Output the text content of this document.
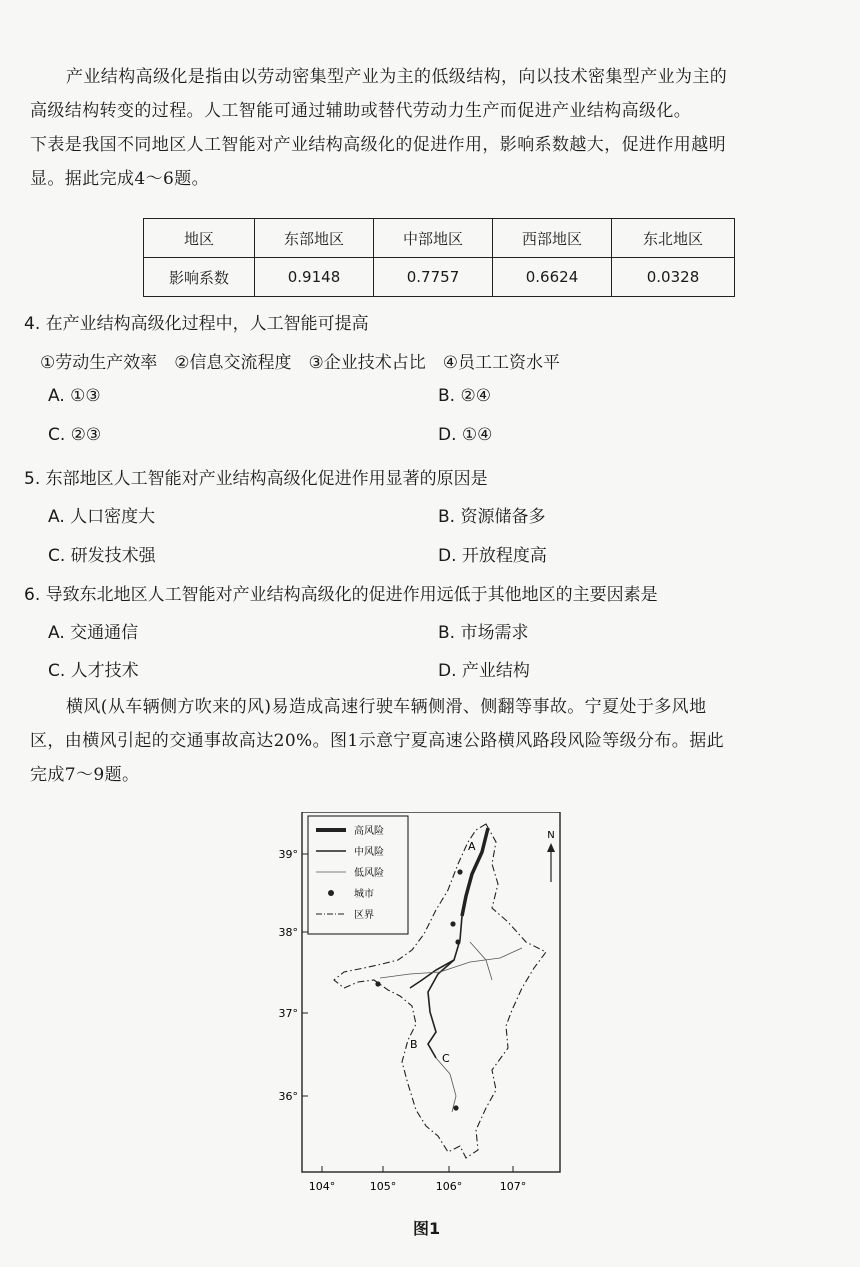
产业结构高级化是指由以劳动密集型产业为主的低级结构，向以技术密集型产业为主的
高级结构转变的过程。人工智能可通过辅助或替代劳动力生产而促进产业结构高级化。
下表是我国不同地区人工智能对产业结构高级化的促进作用，影响系数越大，促进作用越明
显。据此完成4～6题。
地区	东部地区	中部地区	西部地区	东北地区
影响系数	0.9148	0.7757	0.6624	0.0328
4. 在产业结构高级化过程中，人工智能可提高
①劳动生产效率　②信息交流程度　③企业技术占比　④员工工资水平
A. ①③	B. ②④
C. ②③	D. ①④
5. 东部地区人工智能对产业结构高级化促进作用显著的原因是
A. 人口密度大	B. 资源储备多
C. 研发技术强	D. 开放程度高
6. 导致东北地区人工智能对产业结构高级化的促进作用远低于其他地区的主要因素是
A. 交通通信	B. 市场需求
C. 人才技术	D. 产业结构
横风(从车辆侧方吹来的风)易造成高速行驶车辆侧滑、侧翻等事故。宁夏处于多风地
区，由横风引起的交通事故高达20%。图1示意宁夏高速公路横风路段风险等级分布。据此
完成7～9题。
39°
38°
37°
36°
104°	105°	106°	107°
高风险
中风险
低风险
城市
区界
N
A
B
C
图1
